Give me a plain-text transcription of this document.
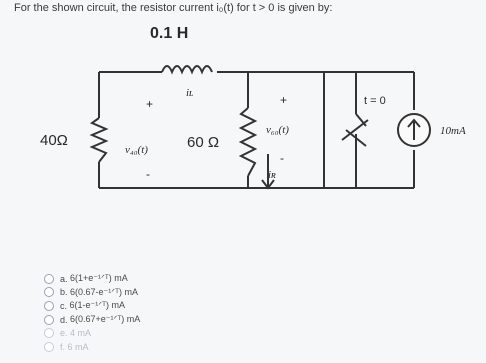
For the shown circuit, the resistor current i₀(t) for t > 0 is given by:
0.1 H
iʟ
40Ω
+
v₄₀(t)
-
60 Ω
+
v₆₀(t)
-
iʀ
t = 0
10mA
a.
6(1+e⁻¹ᐟᵀ) mA
b.
6(0.67-e⁻¹ᐟᵀ) mA
c.
6(1-e⁻¹ᐟᵀ) mA
d.
6(0.67+e⁻¹ᐟᵀ) mA
e.
4 mA
f.
6 mA
